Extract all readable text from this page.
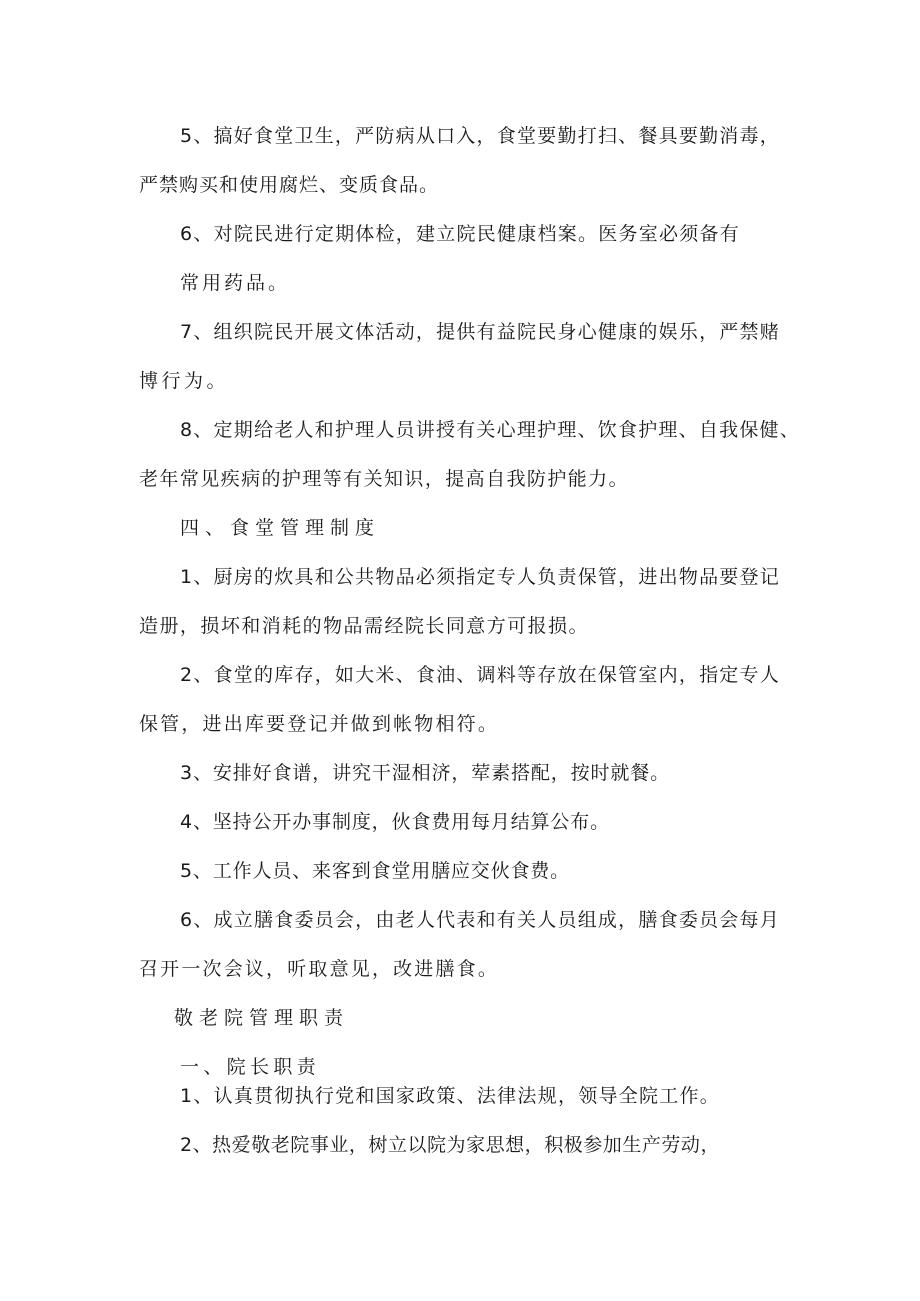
5、搞好食堂卫生，严防病从口入，食堂要勤打扫、餐具要勤消毒，
严禁购买和使用腐烂、变质食品。
6、对院民进行定期体检，建立院民健康档案。医务室必须备有
常用药品。
7、组织院民开展文体活动，提供有益院民身心健康的娱乐，严禁赌
博行为。
8、定期给老人和护理人员讲授有关心理护理、饮食护理、自我保健、
老年常见疾病的护理等有关知识，提高自我防护能力。
四、食堂管理制度
1、厨房的炊具和公共物品必须指定专人负责保管，进出物品要登记
造册，损坏和消耗的物品需经院长同意方可报损。
2、食堂的库存，如大米、食油、调料等存放在保管室内，指定专人
保管，进出库要登记并做到帐物相符。
3、安排好食谱，讲究干湿相济，荤素搭配，按时就餐。
4、坚持公开办事制度，伙食费用每月结算公布。
5、工作人员、来客到食堂用膳应交伙食费。
6、成立膳食委员会，由老人代表和有关人员组成，膳食委员会每月
召开一次会议，听取意见，改进膳食。
敬老院管理职责
一、院长职责
1、认真贯彻执行党和国家政策、法律法规，领导全院工作。
2、热爱敬老院事业，树立以院为家思想，积极参加生产劳动，
